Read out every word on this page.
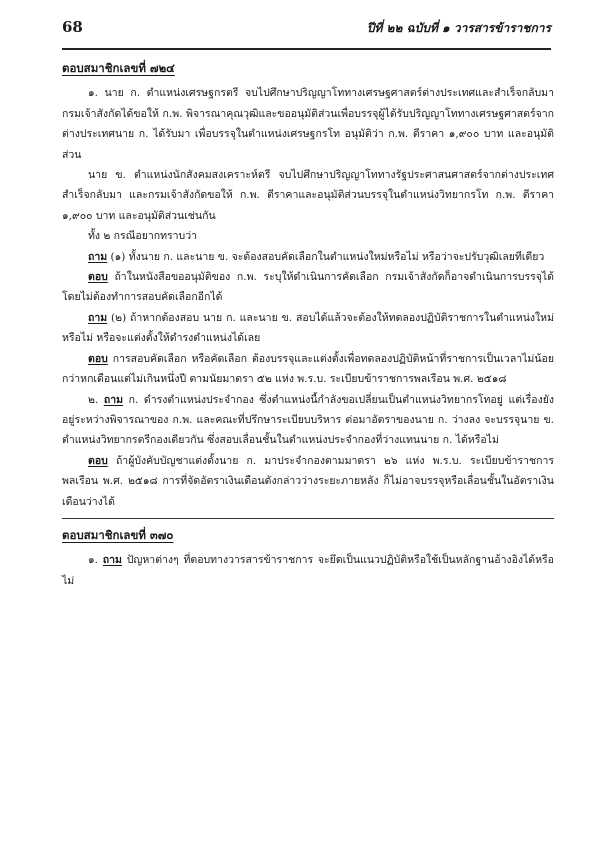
68	ปีที่ ๒๒ ฉบับที่ ๑ วารสารข้าราชการ
ตอบสมาชิกเลขที่ ๗๒๔

๑. นาย ก. ตำแหน่งเศรษฐกรตรี จบไปศึกษาปริญญาโททางเศรษฐศาสตร์ต่างประเทศและสำเร็จกลับมา กรมเจ้าสังกัดได้ขอให้ ก.พ. พิจารณาคุณวุฒิและขออนุมัติส่วนเพื่อบรรจุผู้ได้รับปริญญาโททางเศรษฐศาสตร์จากต่างประเทศนาย ก. ได้รับมา เพื่อบรรจุในตำแหน่งเศรษฐกรโท อนุมัติว่า ก.พ. ตีราคา ๑,๙๐๐ บาท และอนุมัติส่วน

นาย ข. ตำแหน่งนักสังคมสงเคราะห์ตรี จบไปศึกษาปริญญาโททางรัฐประศาสนศาสตร์จากต่างประเทศสำเร็จกลับมา และกรมเจ้าสังกัดขอให้ ก.พ. ตีราคาและอนุมัติส่วนบรรจุในตำแหน่งวิทยากรโท ก.พ. ตีราคา ๑,๙๐๐ บาท และอนุมัติส่วนเช่นกัน

ทั้ง ๒ กรณีอยากทราบว่า

ถาม (๑) ทั้งนาย ก. และนาย ข. จะต้องสอบคัดเลือกในตำแหน่งใหม่หรือไม่ หรือว่าจะปรับวุฒิเลยทีเดียว

ตอบ ถ้าในหนังสือขออนุมัติของ ก.พ. ระบุให้ดำเนินการคัดเลือก กรมเจ้าสังกัดก็อาจดำเนินการบรรจุได้โดยไม่ต้องทำการสอบคัดเลือกอีกได้

ถาม (๒) ถ้าหากต้องสอบ นาย ก. และนาย ข. สอบได้แล้วจะต้องให้ทดลองปฏิบัติราชการในตำแหน่งใหม่หรือไม่ หรือจะแต่งตั้งให้ดำรงตำแหน่งได้เลย

ตอบ การสอบคัดเลือก หรือคัดเลือก ต้องบรรจุและแต่งตั้งเพื่อทดลองปฏิบัติหน้าที่ราชการเป็นเวลาไม่น้อยกว่าหกเดือนแต่ไม่เกินหนึ่งปี ตามนัยมาตรา ๕๒ แห่ง พ.ร.บ. ระเบียบข้าราชการพลเรือน พ.ศ. ๒๕๑๘

๒. ถาม ก. ดำรงตำแหน่งประจำกอง ซึ่งตำแหน่งนี้กำลังขอเปลี่ยนเป็นตำแหน่งวิทยากรโทอยู่ แต่เรื่องยังอยู่ระหว่างพิจารณาของ ก.พ. และคณะที่ปรึกษาระเบียบบริหาร ต่อมาอัตราของนาย ก. ว่างลง จะบรรจุนาย ข. ตำแหน่งวิทยากรตรีกองเดียวกัน ซึ่งสอบเลื่อนชั้นในตำแหน่งประจำกองที่ว่างแทนนาย ก. ได้หรือไม่

ตอบ ถ้าผู้บังคับบัญชาแต่งตั้งนาย ก. มาประจำกองตามมาตรา ๒๖ แห่ง พ.ร.บ. ระเบียบข้าราชการพลเรือน พ.ศ. ๒๕๑๘ การที่จัดอัตราเงินเดือนดังกล่าวว่างระยะภายหลัง ก็ไม่อาจบรรจุหรือเลื่อนชั้นในอัตราเงินเดือนว่างได้

ตอบสมาชิกเลขที่ ๓๗๐

๑. ถาม ปัญหาต่างๆ ที่ตอบทางวารสารข้าราชการ จะยึดเป็นแนวปฏิบัติหรือใช้เป็นหลักฐานอ้างอิงได้หรือไม่
